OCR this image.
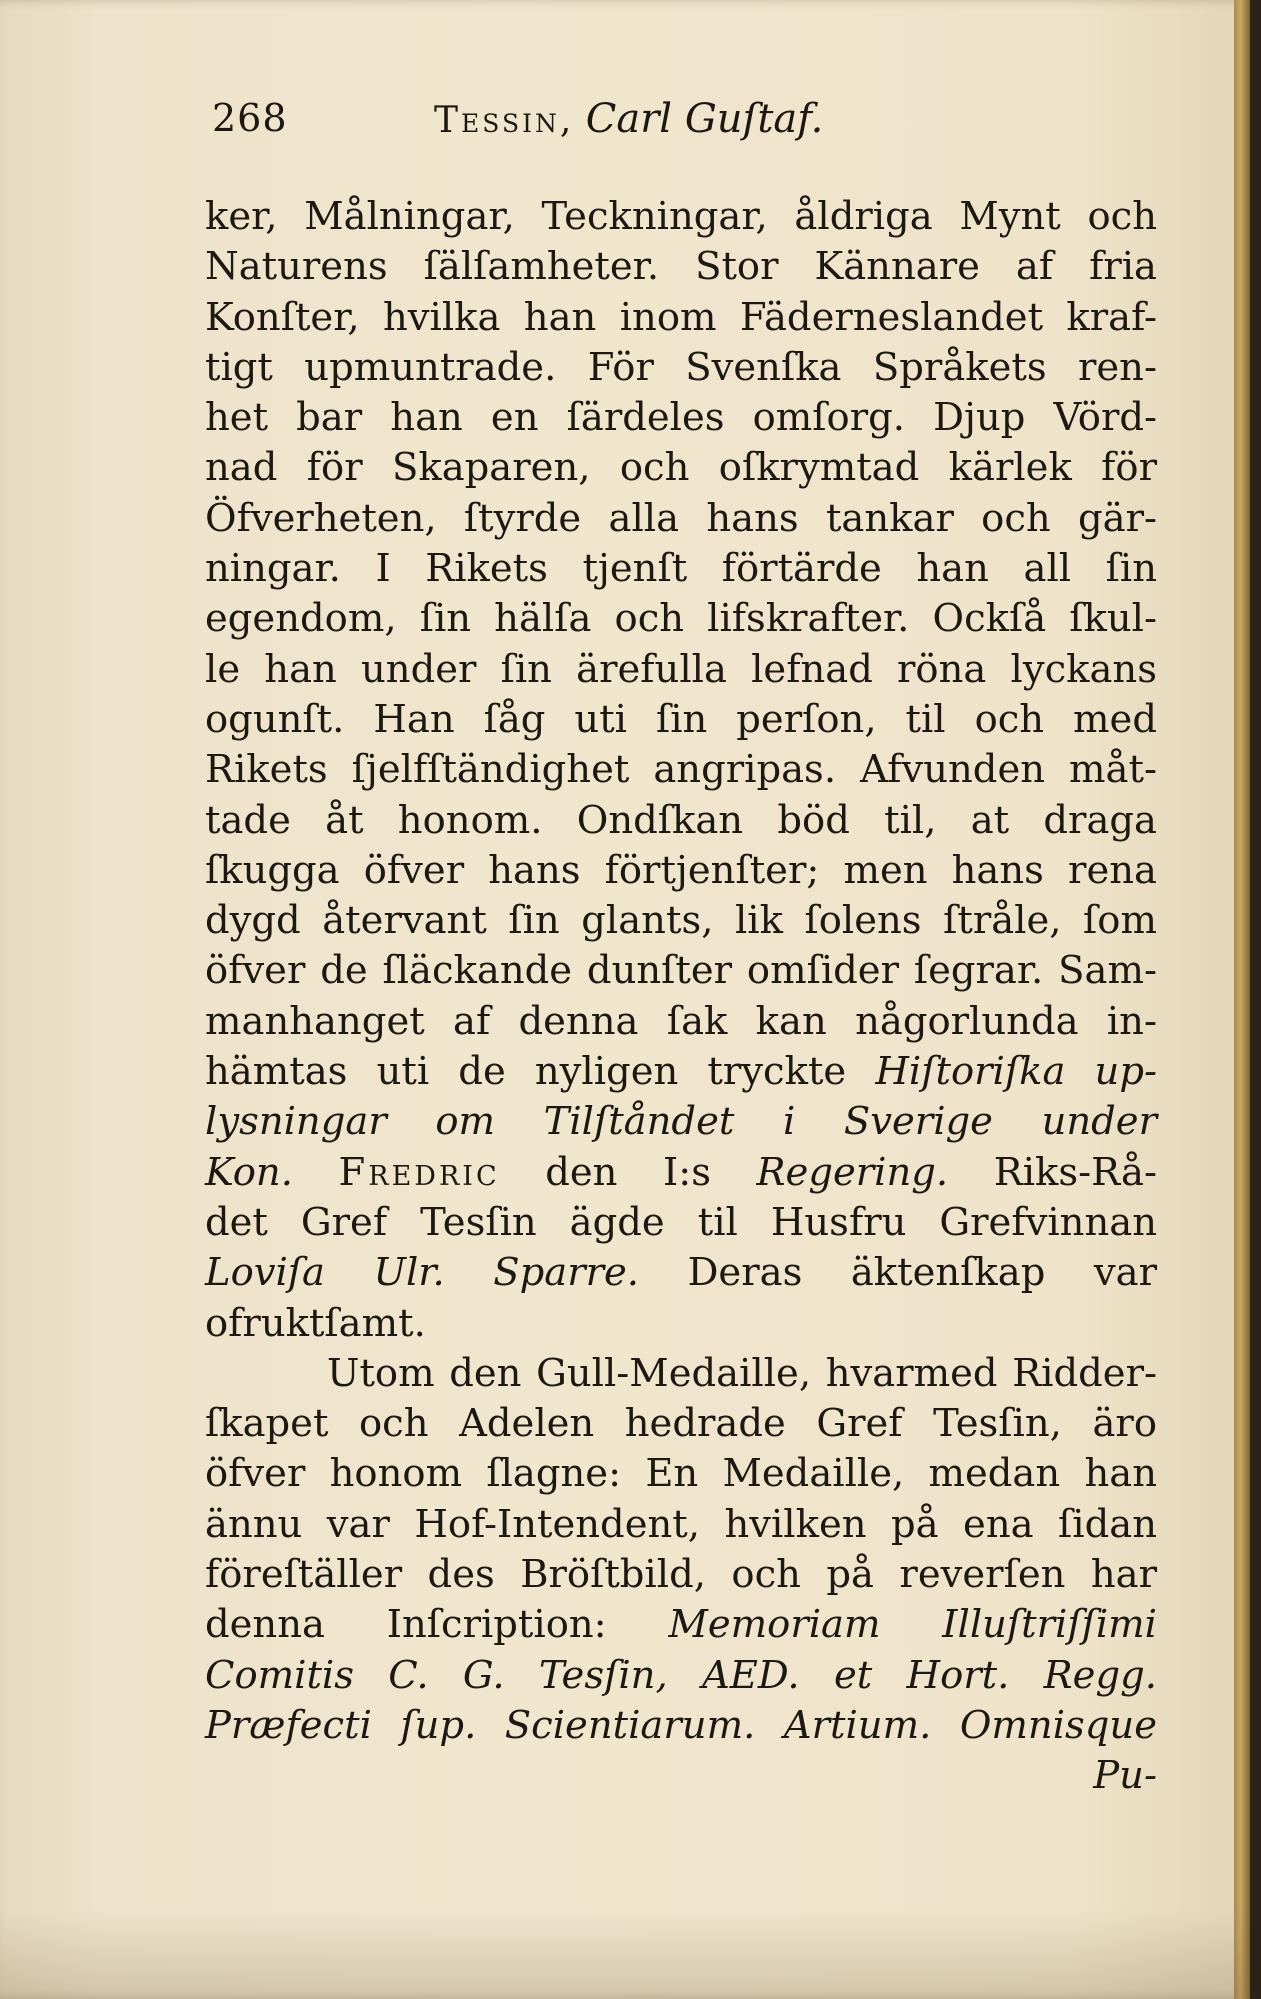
268	Tessin, Carl Guſtaf.
ker, Målningar, Teckningar, åldriga Mynt och
Naturens ſälſamheter. Stor Kännare af fria
Konſter, hvilka han inom Fäderneslandet kraf-
tigt upmuntrade. För Svenſka Språkets ren-
het bar han en ſärdeles omſorg. Djup Vörd-
nad för Skaparen, och oſkrymtad kärlek för
Öfverheten, ſtyrde alla hans tankar och gär-
ningar. I Rikets tjenſt förtärde han all ſin
egendom, ſin hälſa och lifskrafter. Ockſå ſkul-
le han under ſin ärefulla lefnad röna lyckans
ogunſt. Han ſåg uti ſin perſon, til och med
Rikets ſjelfſtändighet angripas. Afvunden måt-
tade åt honom. Ondſkan böd til, at draga
ſkugga öfver hans förtjenſter; men hans rena
dygd återvant ſin glants, lik ſolens ſtråle, ſom
öfver de ſläckande dunſter omſider ſegrar. Sam-
manhanget af denna ſak kan någorlunda in-
hämtas uti de nyligen tryckte Hiſtoriſka up-
lysningar om Tilſtåndet i Sverige under
Kon. Fredric den I:s Regering. Riks-Rå-
det Gref Tesſin ägde til Husfru Grefvinnan
Loviſa Ulr. Sparre. Deras äktenſkap var
ofruktſamt.
Utom den Gull-Medaille, hvarmed Ridder-
ſkapet och Adelen hedrade Gref Tesſin, äro
öfver honom ſlagne: En Medaille, medan han
ännu var Hof-Intendent, hvilken på ena ſidan
föreſtäller des Bröſtbild, och på reverſen har
denna Inſcription: Memoriam Illuſtriſſimi
Comitis C. G. Tesſin, AED. et Hort. Regg.
Præfecti ſup. Scientiarum. Artium. Omnisque
Pu-
